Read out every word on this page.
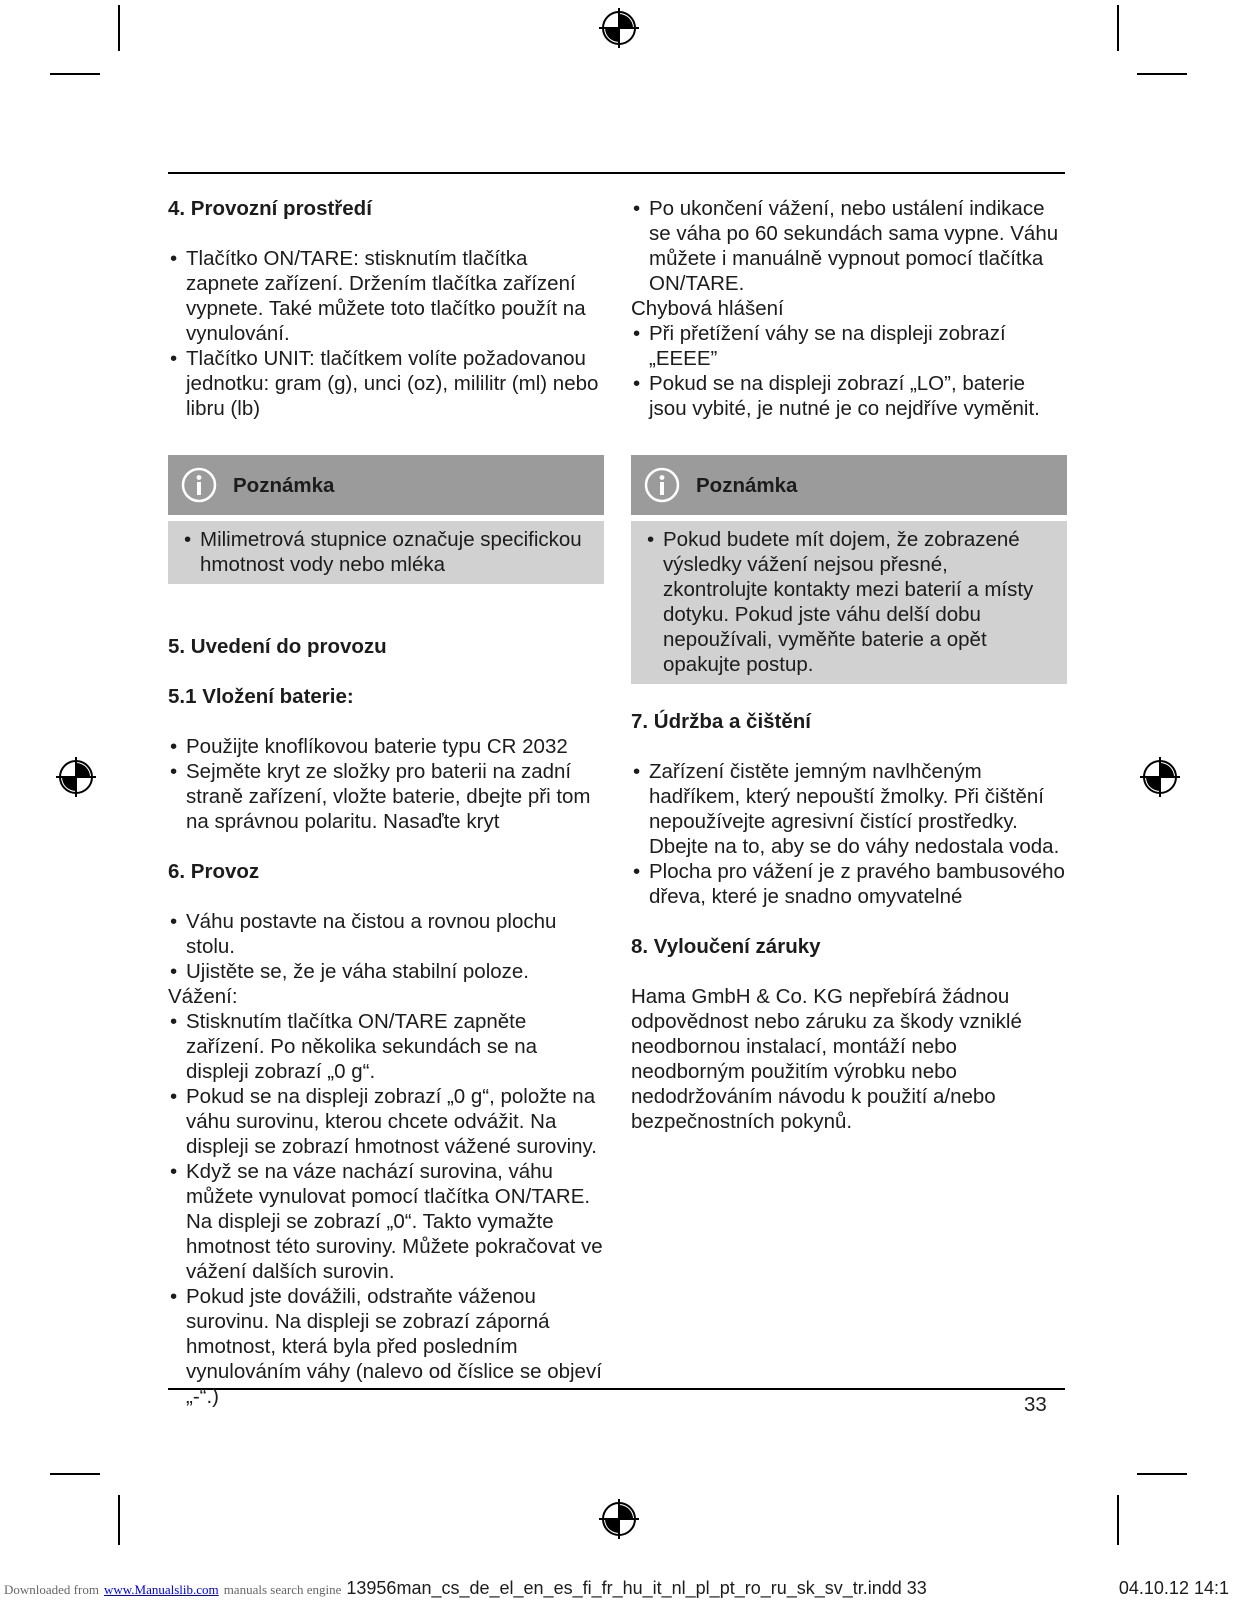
4. Provozní prostředí
• Tlačítko ON/TARE: stisknutím tlačítka zapnete zařízení. Držením tlačítka zařízení vypnete. Také můžete toto tlačítko použít na vynulování.
• Tlačítko UNIT: tlačítkem volíte požadovanou jednotku: gram (g), unci (oz), mililitr (ml) nebo libru (lb)
Poznámka
• Milimetrová stupnice označuje specifickou hmotnost vody nebo mléka
5. Uvedení do provozu
5.1 Vložení baterie:
• Použijte knoflíkovou baterie typu CR 2032
• Sejměte kryt ze složky pro baterii na zadní straně zařízení, vložte baterie, dbejte při tom na správnou polaritu. Nasaďte kryt
6. Provoz
• Váhu postavte na čistou a rovnou plochu stolu.
• Ujistěte se, že je váha stabilní poloze.

Vážení:

• Stisknutím tlačítka ON/TARE zapněte zařízení. Po několika sekundách se na displeji zobrazí „0 g“.
• Pokud se na displeji zobrazí „0 g“, položte na váhu surovinu, kterou chcete odvážit. Na displeji se zobrazí hmotnost vážené suroviny.
• Když se na váze nachází surovina, váhu můžete vynulovat pomocí tlačítka ON/TARE. Na displeji se zobrazí „0“. Takto vymažte hmotnost této suroviny. Můžete pokračovat ve vážení dalších surovin.
• Pokud jste dovážili, odstraňte váženou surovinu. Na displeji se zobrazí záporná hmotnost, která byla před posledním vynulováním váhy (nalevo od číslice se objeví „-“.)
• Po ukončení vážení, nebo ustálení indikace se váha po 60 sekundách sama vypne. Váhu můžete i manuálně vypnout pomocí tlačítka ON/TARE.

Chybová hlášení

• Při přetížení váhy se na displeji zobrazí „EEEE”
• Pokud se na displeji zobrazí „LO”, baterie jsou vybité, je nutné je co nejdříve vyměnit.
Poznámka
• Pokud budete mít dojem, že zobrazené výsledky vážení nejsou přesné, zkontrolujte kontakty mezi baterií a místy dotyku. Pokud jste váhu delší dobu nepoužívali, vyměňte baterie a opět opakujte postup.
7. Údržba a čištění
• Zařízení čistěte jemným navlhčeným hadříkem, který nepouští žmolky. Při čištění nepoužívejte agresivní čistící prostředky. Dbejte na to, aby se do váhy nedostala voda.
• Plocha pro vážení je z pravého bambusového dřeva, které je snadno omyvatelné
8. Vyloučení záruky

Hama GmbH & Co. KG nepřebírá žádnou odpovědnost nebo záruku za škody vzniklé neodbornou instalací, montáží nebo neodborným použitím výrobku nebo nedodržováním návodu k použití a/nebo bezpečnostních pokynů.

33
Downloaded from www.Manualslib.com manuals search engine 13956man_cs_de_el_en_es_fi_fr_hu_it_nl_pl_pt_ro_ru_sk_sv_tr.indd 33	04.10.12 14:1
